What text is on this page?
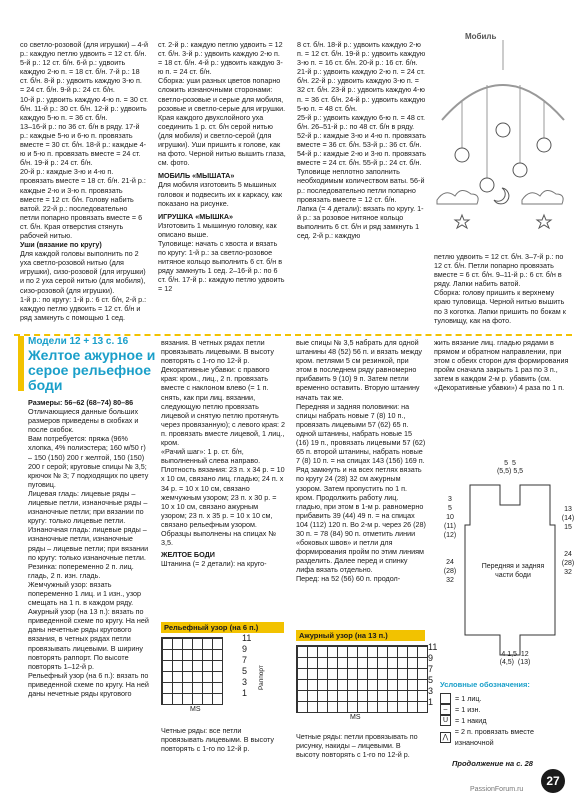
со светло-розовой (для игрушки) – 4-й р.: каждую петлю удвоить = 12 ст. б/н.

5-й р.: 12 ст. б/н. 6-й р.: удвоить каждую 2-ю п. = 18 ст. б/н. 7-й р.: 18 ст. б/н. 8-й р.: удвоить каждую 3-ю п. = 24 ст. б/н. 9-й р.: 24 ст. б/н.

10-й р.: удвоить каждую 4-ю п. = 30 ст. б/н. 11-й р.: 30 ст. б/н. 12-й р.: удвоить каждую 5-ю п. = 36 ст. б/н.

13–16-й р.: по 36 ст. б/н в ряду. 17-й р.: каждые 5-ю и 6-ю п. провязать вместе = 30 ст. б/н. 18-й р.: каждые 4-ю и 5-ю п. провязать вместе = 24 ст. б/н. 19-й р.: 24 ст. б/н.

20-й р.: каждые 3-ю и 4-ю п. провязать вместе = 18 ст. б/н. 21-й р.: каждые 2-ю и 3-ю п. провязать вместе = 12 ст. б/н. Голову набить ватой. 22-й р.: последовательно петли попарно провязать вместе = 6 ст. б/н. Края отверстия стянуть рабочей нитью.

Уши (вязание по кругу)

Для каждой головы выполнить по 2 уха светло-розовой нитью (для игрушки), сизо-розовой (для игрушки) и по 2 уха серой нитью (для мобиля), сизо-розовой (для игрушки).

1-й р.: по кругу: 1-й р.: 6 ст. б/н, 2-й р.: каждую петлю удвоить = 12 ст. б/н и ряд замкнуть с помощью 1 сед.

ст. 2-й р.: каждую петлю удвоить = 12 ст. б/н. 3-й р.: удвоить каждую 2-ю п. = 18 ст. б/н. 4-й р.: удвоить каждую 3-ю п. = 24 ст. б/н.

Сборка: уши разных цветов попарно сложить изнаночными сторонами: светло-розовые и серые для мобиля, розовые и светло-серые для игрушки. Края каждого двухслойного уха соединить 1 р. ст. б/н серой нитью (для мобиля) и светло-серой (для игрушки). Уши пришить к голове, как на фото. Черной нитью вышить глаза, см. фото.

МОБИЛЬ «МЫШАТА»

Для мобиля изготовить 5 мышиных головок и подвесить их к каркасу, как показано на рисунке.

ИГРУШКА «МЫШКА»

Изготовить 1 мышиную головку, как описано выше.

Туловище: начать с хвоста и вязать по кругу: 1-й р.: за светло-розовое нитяное кольцо выполнить 6 ст. б/н в ряду замкнуть 1 сед. 2–16-й р.: по 6 ст. б/н. 17-й р.: каждую петлю удвоить = 12

8 ст. б/н. 18-й р.: удвоить каждую 2-ю п. = 12 ст. б/н. 19-й р.: удвоить каждую 3-ю п. = 16 ст. б/н. 20-й р.: 16 ст. б/н.

21-й р.: удвоить каждую 2-ю п. = 24 ст. б/н. 22-й р.: удвоить каждую 3-ю п. = 32 ст. б/н. 23-й р.: удвоить каждую 4-ю п. = 36 ст. б/н. 24-й р.: удвоить каждую 5-ю п. = 48 ст. б/н.

25-й р.: удвоить каждую 6-ю п. = 48 ст. б/н. 26–51-й р.: по 48 ст. б/н в ряду.

52-й р.: каждые 3-ю и 4-ю п. провязать вместе = 36 ст. б/н. 53-й р.: 36 ст. б/н. 54-й р.: каждые 2-ю и 3-ю п. провязать вместе = 24 ст. б/н. 55-й р.: 24 ст. б/н. Туловище неплотно заполнить необходимым количеством ваты. 56-й р.: последовательно петли попарно провязать вместе = 12 ст. б/н.

Лапка (= 4 детали): вязать по кругу. 1-й р.: за розовое нитяное кольцо выполнить 6 ст. б/н и ряд замкнуть 1 сед. 2-й р.: каждую

Мобиль

петлю удвоить = 12 ст. б/н. 3–7-й р.: по 12 ст. б/н. Петли попарно провязать вместе = 6 ст. б/н. 9–11-й р.: 6 ст. б/н в ряду. Лапки набить ватой.

Сборка: голову пришить к верхнему краю туловища. Черной нитью вышить по 3 коготка. Лапки пришить по бокам к туловищу, как на фото.

Модели 12 + 13 с. 16
Желтое ажурное и серое рельефное боди

Размеры: 56–62 (68–74) 80–86

Отличающиеся данные больших размеров приведены в скобках и после скобок.

Вам потребуется: пряжа (96% хлопка, 4% полиэстера; 160 м/50 г) – 150 (150) 200 г желтой, 150 (150) 200 г серой; круговые спицы № 3,5; крючок № 3; 7 подходящих по цвету пуговиц.

Лицевая гладь: лицевые ряды – лицевые петли, изнаночные ряды – изнаночные петли; при вязании по кругу: только лицевые петли.

Изнаночная гладь: лицевые ряды – изнаночные петли, изнаночные ряды – лицевые петли; при вязании по кругу: только изнаночные петли.

Резинка: попеременно 2 п. лиц. гладь, 2 п. изн. гладь.

Жемчужный узор: вязать попеременно 1 лиц. и 1 изн., узор смещать на 1 п. в каждом ряду.

Ажурный узор (на 13 п.): вязать по приведенной схеме по кругу. На ней даны нечетные ряды кругового вязания, в четных рядах петли провязывать лицевыми. В ширину повторять раппорт. По высоте повторять 1–12-й р.

Рельефный узор (на 6 п.): вязать по приведенной схеме по кругу. На ней даны нечетные ряды кругового

вязания. В четных рядах петли провязывать лицевыми. В высоту повторять с 1-го по 12-й р.

Декоративные убавки: с правого края: кром., лиц., 2 п. провязать вместе с наклоном влево (= 1 п. снять, как при лиц. вязании, следующую петлю провязать лицевой и снятую петлю протянуть через провязанную); с левого края: 2 п. провязать вместе лицевой, 1 лиц., кром.

«Рачий шаг»: 1 р. ст. б/н, выполненный слева направо.

Плотность вязания: 23 п. х 34 р. = 10 х 10 см, связано лиц. гладью; 24 п. х 34 р. = 10 х 10 см, связано жемчужным узором; 23 п. х 30 р. = 10 х 10 см, связано ажурным узором; 23 п. х 35 р. = 10 х 10 см, связано рельефным узором. Образцы выполнены на спицах № 3,5.

ЖЕЛТОЕ БОДИ

Штанина (= 2 детали): на круго-

вые спицы № 3,5 набрать для одной штанины 48 (52) 56 п. и вязать между кром. петлями 5 см резинкой, при этом в последнем ряду равномерно прибавить 9 (10) 9 п. Затем петли временно оставить. Вторую штанину начать так же.

Передняя и задняя половинки: на спицы набрать новые 7 (8) 10 п., провязать лицевыми 57 (62) 65 п. одной штанины, набрать новые 15 (16) 19 п., провязать лицевыми 57 (62) 65 п. второй штанины, набрать новые 7 (8) 10 п. = на спицах 143 (156) 169 п. Ряд замкнуть и на всех петлях вязать по кругу 24 (28) 32 см ажурным узором. Затем пропустить по 1 п. кром. Продолжить работу лиц. гладью, при этом в 1-м р. равномерно прибавить 39 (44) 49 п. = на спицах 104 (112) 120 п. Во 2-м р. через 26 (28) 30 п. = 78 (84) 90 п. отметить линии «боковых швов» и петли для формирования пройм по этим линиям разделить. Далее перед и спинку лифа вязать отдельно.

Перед: на 52 (56) 60 п. продол-

жить вязание лиц. гладью рядами в прямом и обратном направлении, при этом с обеих сторон для формирования пройм сначала закрыть 1 раз по 3 п., затем в каждом 2-м р. убавить (см. «Декоративные убавки») 4 раза по 1 п.

5 5
(5,5) 5,5
3
5
10
(11)
(12)

24
(28)
32
13
(14)
15

24
(28)
32
Передняя и задняя части боди
4 1,5 12
(4,5) (13)
Рельефный узор (на 6 п.)
11
9
7
5
3
1
Раппорт
MS
Четные ряды: все петли провязывать лицевыми. В высоту повторять с 1-го по 12-й р.
Ажурный узор (на 13 п.)
11
9
7
5
3
1
MS
Четные ряды: петли провязывать по рисунку, накиды – лицевыми. В высоту повторять с 1-го по 12-й р.
Условные обозначения:
= 1 лиц.
–	= 1 изн.
U = 1 накид
⋀
= 2 п. провязать вместе изнаночной
Продолжение на с. 28
27
PassionForum.ru
